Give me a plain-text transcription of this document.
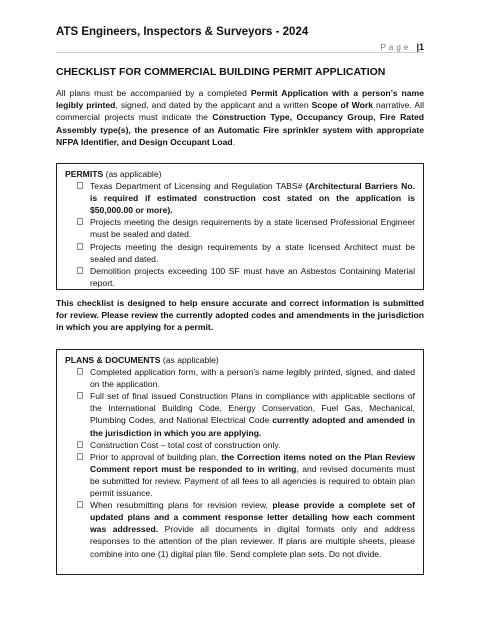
ATS Engineers, Inspectors & Surveyors - 2024
Page |1
CHECKLIST FOR COMMERCIAL BUILDING PERMIT APPLICATION
All plans must be accompanied by a completed Permit Application with a person’s name legibly printed, signed, and dated by the applicant and a written Scope of Work narrative. All commercial projects must indicate the Construction Type, Occupancy Group, Fire Rated Assembly type(s), the presence of an Automatic Fire sprinkler system with appropriate NFPA Identifier, and Design Occupant Load.
PERMITS (as applicable)
Texas Department of Licensing and Regulation TABS# (Architectural Barriers No. is required if estimated construction cost stated on the application is $50,000.00 or more).
Projects meeting the design requirements by a state licensed Professional Engineer must be sealed and dated.
Projects meeting the design requirements by a state licensed Architect must be sealed and dated.
Demolition projects exceeding 100 SF must have an Asbestos Containing Material report.
This checklist is designed to help ensure accurate and correct information is submitted for review. Please review the currently adopted codes and amendments in the jurisdiction in which you are applying for a permit.
PLANS & DOCUMENTS (as applicable)
Completed application form, with a person’s name legibly printed, signed, and dated on the application.
Full set of final issued Construction Plans in compliance with applicable sections of the International Building Code, Energy Conservation, Fuel Gas, Mechanical, Plumbing Codes, and National Electrical Code currently adopted and amended in the jurisdiction in which you are applying.
Construction Cost – total cost of construction only.
Prior to approval of building plan, the Correction items noted on the Plan Review Comment report must be responded to in writing, and revised documents must be submitted for review. Payment of all fees to all agencies is required to obtain plan permit issuance.
When resubmitting plans for revision review, please provide a complete set of updated plans and a comment response letter detailing how each comment was addressed. Provide all documents in digital formats only and address responses to the attention of the plan reviewer. If plans are multiple sheets, please combine into one (1) digital plan file. Send complete plan sets. Do not divide.
